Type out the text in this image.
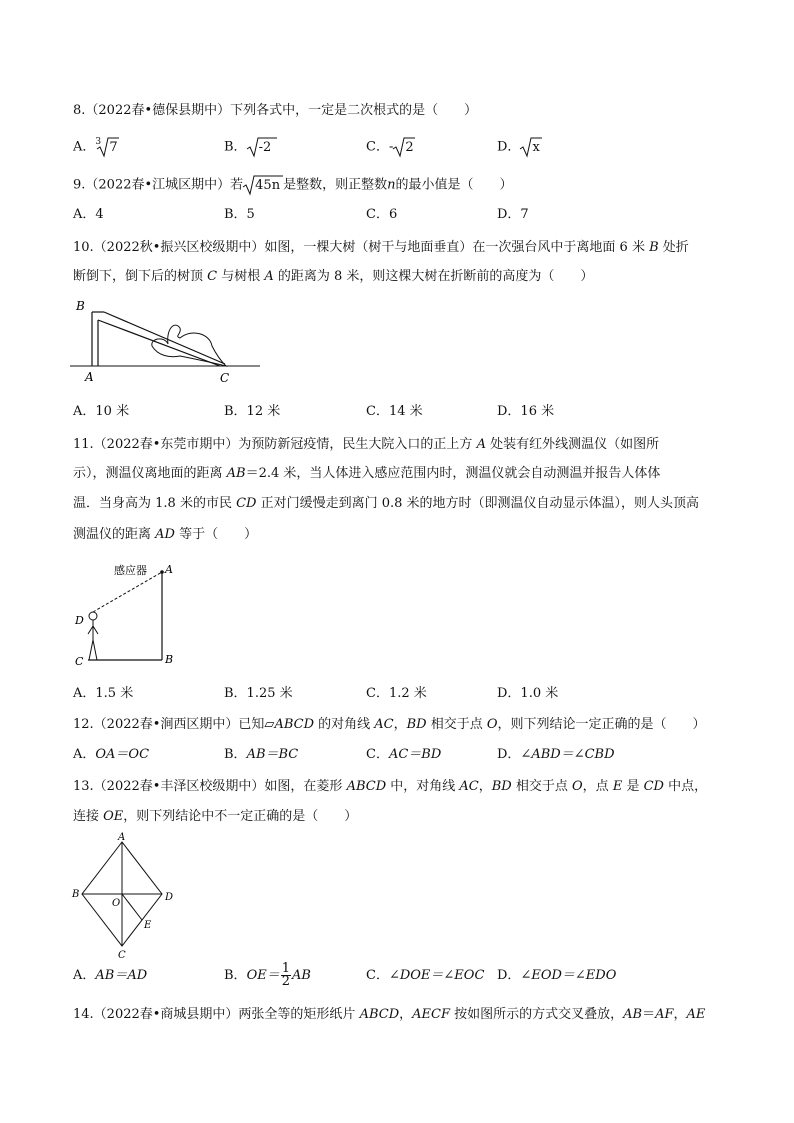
8.（2022春•德保县期中）下列各式中，一定是二次根式的是（　　）
A． 3 7	B． -2	C．- 2	D． x
9.（2022春•江城区期中）若 45n 是整数，则正整数n的最小值是（　　）
A．4	B．5	C．6	D．7
10.（2022秋•振兴区校级期中）如图，一棵大树（树干与地面垂直）在一次强台风中于离地面 6 米 B 处折
断倒下，倒下后的树顶 C 与树根 A 的距离为 8 米，则这棵大树在折断前的高度为（　　）
B
A	C
A．10 米	B．12 米	C．14 米	D．16 米
11.（2022春•东莞市期中）为预防新冠疫情，民生大院入口的正上方 A 处装有红外线测温仪（如图所
示），测温仪离地面的距离 AB＝2.4 米，当人体进入感应范围内时，测温仪就会自动测温并报告人体体
温．当身高为 1.8 米的市民 CD 正对门缓慢走到离门 0.8 米的地方时（即测温仪自动显示体温），则人头顶高
测温仪的距离 AD 等于（　　）
感应器 A
D
C	B
A．1.5 米	B．1.25 米	C．1.2 米	D．1.0 米
12.（2022春•涧西区期中）已知▱ABCD 的对角线 AC，BD 相交于点 O，则下列结论一定正确的是（　　）
A．OA＝OC	B．AB＝BC	C．AC＝BD	D．∠ABD＝∠CBD
13.（2022春•丰泽区校级期中）如图，在菱形 ABCD 中，对角线 AC，BD 相交于点 O，点 E 是 CD 中点，
连接 OE，则下列结论中不一定正确的是（　　）
A
B
C
D
O
E
A．AB＝AD	B．$OE= \frac{1}{2}$ AB	C．∠DOE＝∠EOC D．∠EOD＝∠EDO
14.（2022春•商城县期中）两张全等的矩形纸片 ABCD，AECF 按如图所示的方式交叉叠放，AB＝AF，AE
